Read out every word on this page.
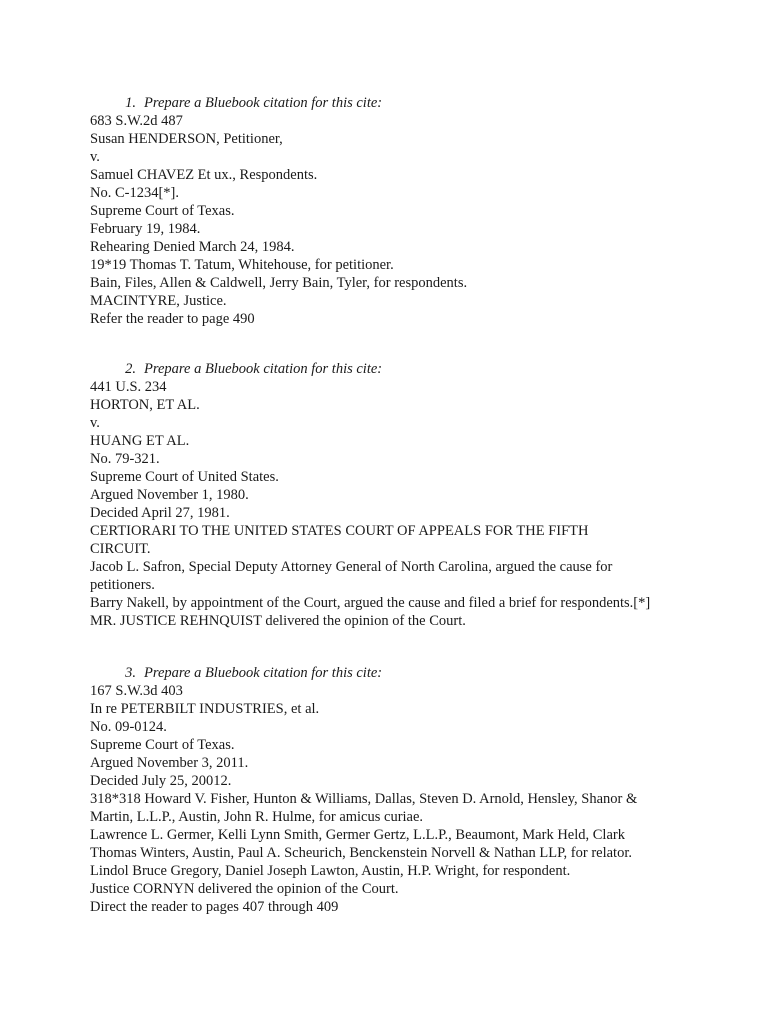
1. Prepare a Bluebook citation for this cite:
683 S.W.2d 487
Susan HENDERSON, Petitioner,
v.
Samuel CHAVEZ Et ux., Respondents.
No. C-1234[*].
Supreme Court of Texas.
February 19, 1984.
Rehearing Denied March 24, 1984.
19*19 Thomas T. Tatum, Whitehouse, for petitioner.
Bain, Files, Allen & Caldwell, Jerry Bain, Tyler, for respondents.
MACINTYRE, Justice.
Refer the reader to page 490
2. Prepare a Bluebook citation for this cite:
441 U.S. 234
HORTON, ET AL.
v.
HUANG ET AL.
No. 79-321.
Supreme Court of United States.
Argued November 1, 1980.
Decided April 27, 1981.
CERTIORARI TO THE UNITED STATES COURT OF APPEALS FOR THE FIFTH
CIRCUIT.
Jacob L. Safron, Special Deputy Attorney General of North Carolina, argued the cause for
petitioners.
Barry Nakell, by appointment of the Court, argued the cause and filed a brief for respondents.[*]
MR. JUSTICE REHNQUIST delivered the opinion of the Court.
3. Prepare a Bluebook citation for this cite:
167 S.W.3d 403
In re PETERBILT INDUSTRIES, et al.
No. 09-0124.
Supreme Court of Texas.
Argued November 3, 2011.
Decided July 25, 20012.
318*318 Howard V. Fisher, Hunton & Williams, Dallas, Steven D. Arnold, Hensley, Shanor &
Martin, L.L.P., Austin, John R. Hulme, for amicus curiae.
Lawrence L. Germer, Kelli Lynn Smith, Germer Gertz, L.L.P., Beaumont, Mark Held, Clark
Thomas Winters, Austin, Paul A. Scheurich, Benckenstein Norvell & Nathan LLP, for relator.
Lindol Bruce Gregory, Daniel Joseph Lawton, Austin, H.P. Wright, for respondent.
Justice CORNYN delivered the opinion of the Court.
Direct the reader to pages 407 through 409
